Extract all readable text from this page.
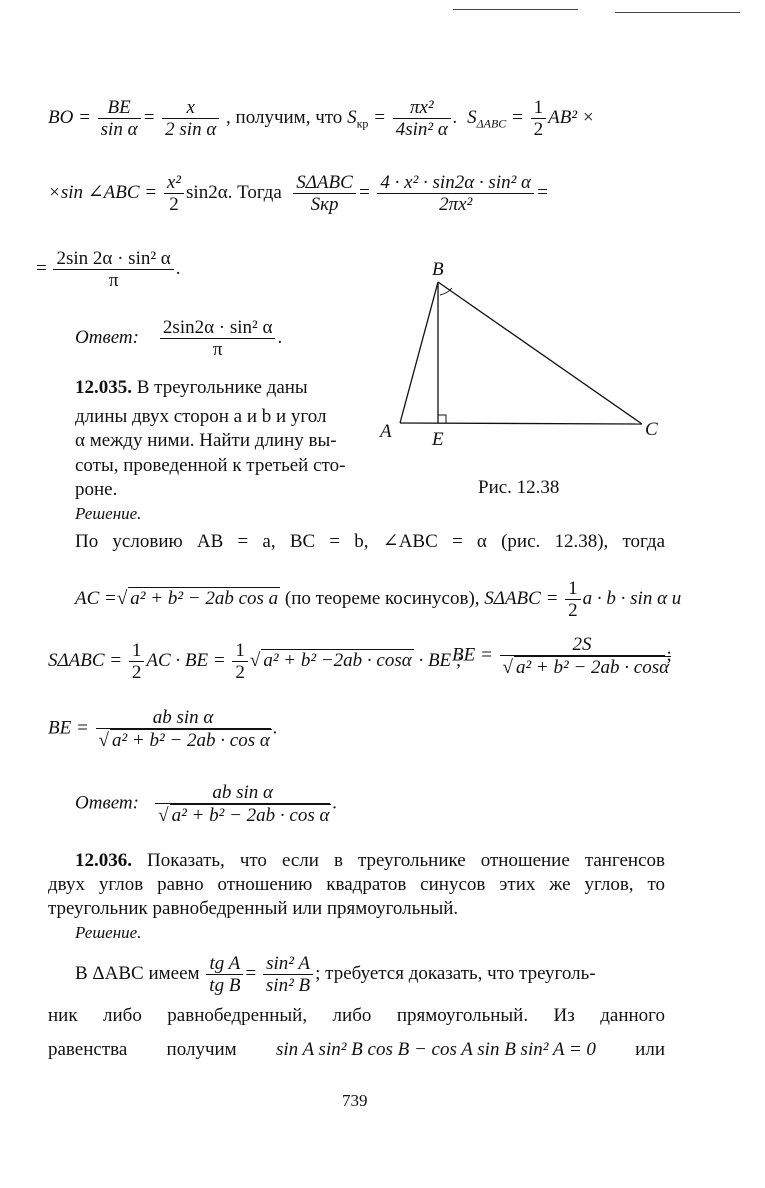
BO = $\frac{BE}{\text{sin α}} = \frac{x}{\text{2 sin α}}$ , получим, что $S_{кр} = \frac{\text{πx²}}{\text{4sin² α}}$ .  $S_{\Delta ABC} = \frac{1}{2} AB^2$ ×
×sin ∠ABC = $\frac{\text{x²}}{2} \sin 2\alpha$. Тогда SΔABC
Sкр
= $\frac{\text{4 · x² · sin2α · sin² α}}{\text{2πx²}}$ =
= $\frac{\text{2sin 2α · sin² α}}{\pi}$ .
Ответ: $\frac{\text{2sin2α · sin² α}}{\pi}$ .
12.035. В треугольнике даны
длины двух сторон a и b и угол
α между ними. Найти длину вы-
соты, проведенной к третьей сто-
роне.
Решение.
B
A E	C
Рис. 12.38
По условию AB = a, BC = b, ∠ABC = α (рис. 12.38), тогда
AC =√ a² + b² − 2ab cos a (по теореме косинусов), $S\Delta ABC = \frac{1}{2}$ a · b · sin α и
$S\Delta ABC = \frac{1}{2}$ AC · BE = $\frac{1}{2}$ √ a² + b² −2ab · cosα · BE ;
BE = $\frac{2S}{\text{√ a² + b² − 2ab · cosα}}$ ;
BE = $\frac{\text{ab sin α}}{\text{√ a² + b² − 2ab · cos α}}$ .
Ответ: $\frac{\text{ab sin α}}{\text{√ a² + b² − 2ab · cos α}}$ .
12.036. Показать, что если в треугольнике отношение тангенсов
двух углов равно отношению квадратов синусов этих же углов, то
треугольник равнобедренный или прямоугольный.
Решение.
В ΔABC имеем $\frac{\text{tg A}}{\text{tg B}} = \frac{\text{sin² A}}{\text{sin² B}}$ ; требуется доказать, что треуголь-
ник либо равнобедренный, либо прямоугольный. Из данного
равенства получим sin A sin² B cos B − cos A sin B sin² A = 0 или
739
